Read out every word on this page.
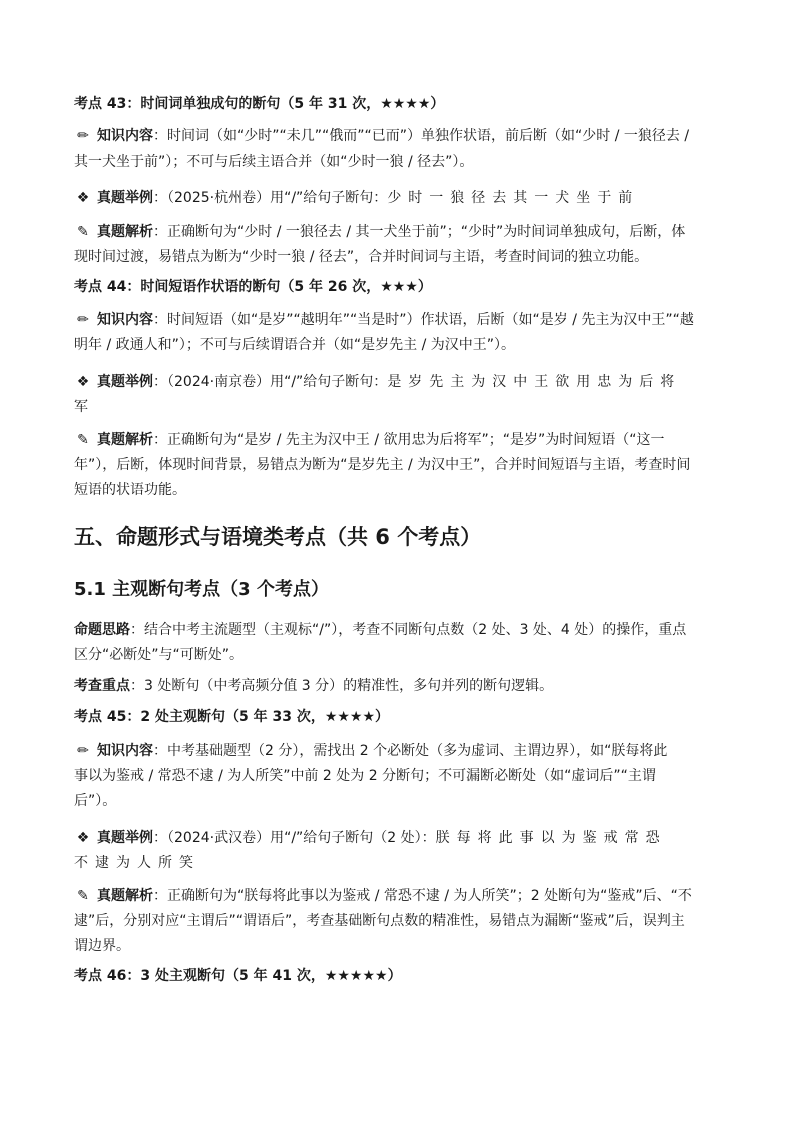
考点 43：时间词单独成句的断句（5 年 31 次，★★★★）
✏ 知识内容：时间词（如“少时”“未几”“俄而”“已而”）单独作状语，前后断（如“少时 / 一狼径去 /
其一犬坐于前”）；不可与后续主语合并（如“少时一狼 / 径去”）。
❖ 真题举例：（2025·杭州卷）用“/”给句子断句：少时一狼径去其一犬坐于前
✎ 真题解析：正确断句为“少时 / 一狼径去 / 其一犬坐于前”；“少时”为时间词单独成句，后断，体
现时间过渡，易错点为断为“少时一狼 / 径去”，合并时间词与主语，考查时间词的独立功能。
考点 44：时间短语作状语的断句（5 年 26 次，★★★）
✏ 知识内容：时间短语（如“是岁”“越明年”“当是时”）作状语，后断（如“是岁 / 先主为汉中王”“越
明年 / 政通人和”）；不可与后续谓语合并（如“是岁先主 / 为汉中王”）。
❖ 真题举例：（2024·南京卷）用“/”给句子断句：是岁先主为汉中王欲用忠为后将
军
✎ 真题解析：正确断句为“是岁 / 先主为汉中王 / 欲用忠为后将军”；“是岁”为时间短语（“这一
年”），后断，体现时间背景，易错点为断为“是岁先主 / 为汉中王”，合并时间短语与主语，考查时间
短语的状语功能。
五、命题形式与语境类考点（共 6 个考点）
5.1 主观断句考点（3 个考点）
命题思路：结合中考主流题型（主观标“/”），考查不同断句点数（2 处、3 处、4 处）的操作，重点
区分“必断处”与“可断处”。
考查重点：3 处断句（中考高频分值 3 分）的精准性，多句并列的断句逻辑。
考点 45：2 处主观断句（5 年 33 次，★★★★）
✏ 知识内容：中考基础题型（2 分），需找出 2 个必断处（多为虚词、主谓边界），如“朕每将此
事以为鉴戒 / 常恐不逮 / 为人所笑”中前 2 处为 2 分断句；不可漏断必断处（如“虚词后”“主谓
后”）。
❖ 真题举例：（2024·武汉卷）用“/”给句子断句（2 处）：朕每将此事以为鉴戒常恐
不逮为人所笑
✎ 真题解析：正确断句为“朕每将此事以为鉴戒 / 常恐不逮 / 为人所笑”；2 处断句为“鉴戒”后、“不
逮”后，分别对应“主谓后”“谓语后”，考查基础断句点数的精准性，易错点为漏断“鉴戒”后，误判主
谓边界。
考点 46：3 处主观断句（5 年 41 次，★★★★★）
